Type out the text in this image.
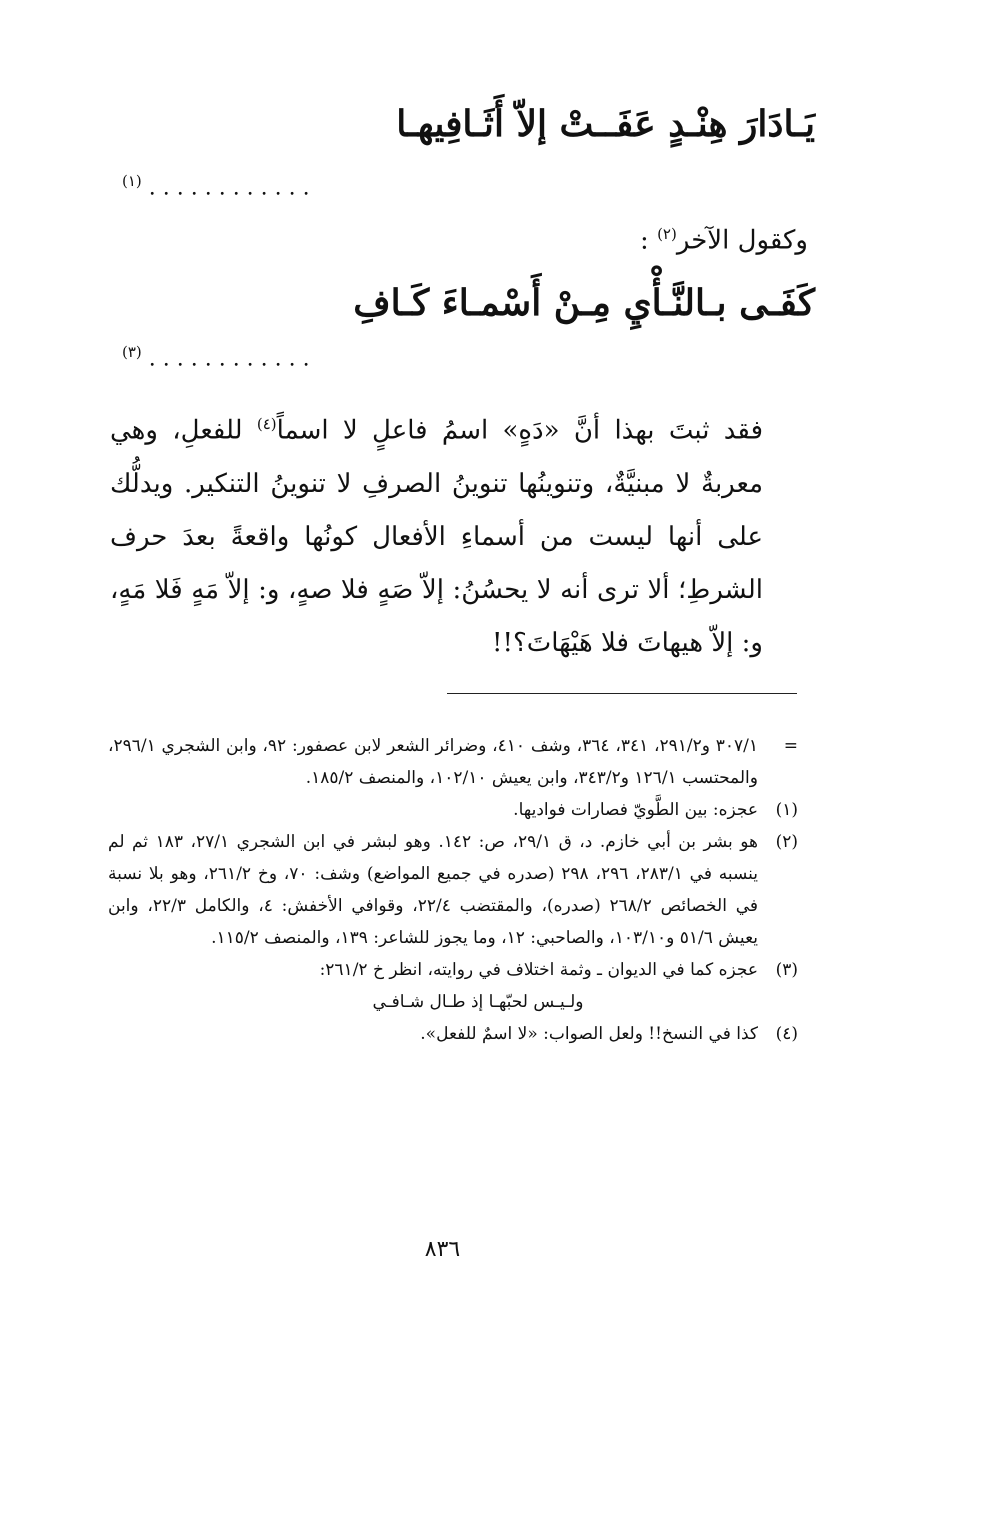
يَـادَارَ هِنْـدٍ عَفَــتْ إلاّ أَثَـافِيهـا
. . . . . . . . . . . . $^{(١)}$
وكقول الآخر$^{(٢)}$ :
كَفَـى بـالنَّـأْيِ مِـنْ أَسْمـاءَ كَـافِ
. . . . . . . . . . . . $^{(٣)}$

فقد ثبتَ بهذا أنَّ «دَهٍ» اسمُ فاعلٍ لا اسماً$^{(٤)}$ للفعلِ، وهي معربةٌ لا مبنيَّةٌ، وتنوينُها تنوينُ الصرفِ لا تنوينُ التنكير. ويدلُّك على أنها ليست من أسماءِ الأفعال كونُها واقعةً بعدَ حرف الشرطِ؛ ألا ترى أنه لا يحسُنُ: إلاّ صَهٍ فلا صهٍ، و: إلاّ مَهٍ فَلا مَهٍ، و: إلاّ هيهاتَ فلا هَيْهَاتَ؟!!

=
٣٠٧/١ و٢٩١/٢، ٣٤١، ٣٦٤، وشف ٤١٠، وضرائر الشعر لابن عصفور: ٩٢، وابن الشجري ٢٩٦/١، والمحتسب ١٢٦/١ و٣٤٣/٢، وابن يعيش ١٠٢/١٠، والمنصف ١٨٥/٢.
(١)
عجزه: بين الطَّويّ فصارات فواديها.
(٢)
هو بشر بن أبي خازم. د، ق ٢٩/١، ص: ١٤٢. وهو لبشر في ابن الشجري ٢٧/١، ١٨٣ ثم لم ينسبه في ٢٨٣/١، ٢٩٦، ٢٩٨ (صدره في جميع المواضع) وشف: ٧٠، وخ ٢٦١/٢، وهو بلا نسبة في الخصائص ٢٦٨/٢ (صدره)، والمقتضب ٢٢/٤، وقوافي الأخفش: ٤، والكامل ٢٢/٣، وابن يعيش ٥١/٦ و١٠٣/١٠، والصاحبي: ١٢، وما يجوز للشاعر: ١٣٩، والمنصف ١١٥/٢.
(٣)
عجزه كما في الديوان ـ وثمة اختلاف في روايته، انظر خ ٢٦١/٢:
ولـيـس لحبّهـا إذ طـال شـافـي
(٤)
كذا في النسخ!! ولعل الصواب: «لا اسمٌ للفعل».
٨٣٦
